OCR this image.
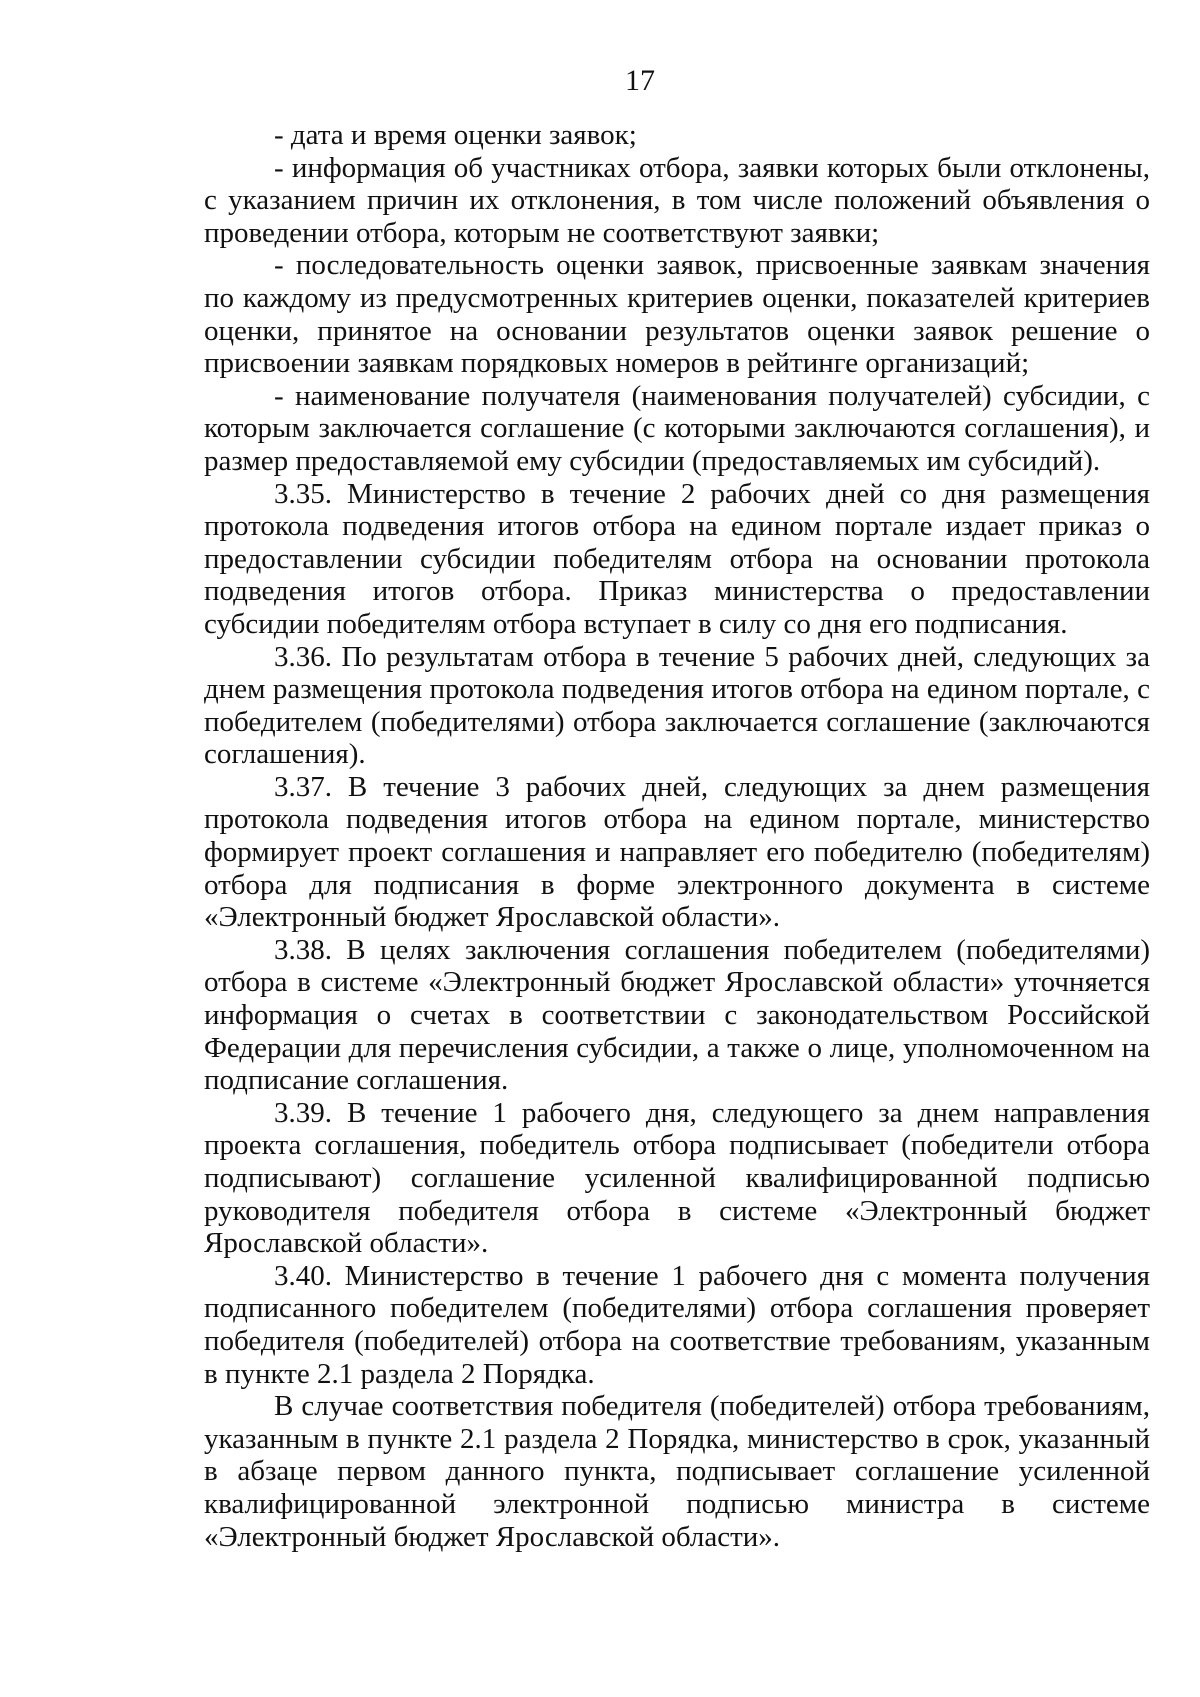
17

- дата и время оценки заявок;

- информация об участниках отбора, заявки которых были отклонены, с указанием причин их отклонения, в том числе положений объявления о проведении отбора, которым не соответствуют заявки;

- последовательность оценки заявок, присвоенные заявкам значения по каждому из предусмотренных критериев оценки, показателей критериев оценки, принятое на основании результатов оценки заявок решение о присвоении заявкам порядковых номеров в рейтинге организаций;

- наименование получателя (наименования получателей) субсидии, с которым заключается соглашение (с которыми заключаются соглашения), и размер предоставляемой ему субсидии (предоставляемых им субсидий).

3.35. Министерство в течение 2 рабочих дней со дня размещения протокола подведения итогов отбора на едином портале издает приказ о предоставлении субсидии победителям отбора на основании протокола подведения итогов отбора. Приказ министерства о предоставлении субсидии победителям отбора вступает в силу со дня его подписания.

3.36. По результатам отбора в течение 5 рабочих дней, следующих за днем размещения протокола подведения итогов отбора на едином портале, с победителем (победителями) отбора заключается соглашение (заключаются соглашения).

3.37. В течение 3 рабочих дней, следующих за днем размещения протокола подведения итогов отбора на едином портале, министерство формирует проект соглашения и направляет его победителю (победителям) отбора для подписания в форме электронного документа в системе «Электронный бюджет Ярославской области».

3.38. В целях заключения соглашения победителем (победителями) отбора в системе «Электронный бюджет Ярославской области» уточняется информация о счетах в соответствии с законодательством Российской Федерации для перечисления субсидии, а также о лице, уполномоченном на подписание соглашения.

3.39. В течение 1 рабочего дня, следующего за днем направления проекта соглашения, победитель отбора подписывает (победители отбора подписывают) соглашение усиленной квалифицированной подписью руководителя победителя отбора в системе «Электронный бюджет Ярославской области».

3.40. Министерство в течение 1 рабочего дня с момента получения подписанного победителем (победителями) отбора соглашения проверяет победителя (победителей) отбора на соответствие требованиям, указанным в пункте 2.1 раздела 2 Порядка.

В случае соответствия победителя (победителей) отбора требованиям, указанным в пункте 2.1 раздела 2 Порядка, министерство в срок, указанный в абзаце первом данного пункта, подписывает соглашение усиленной квалифицированной электронной подписью министра в системе «Электронный бюджет Ярославской области».
